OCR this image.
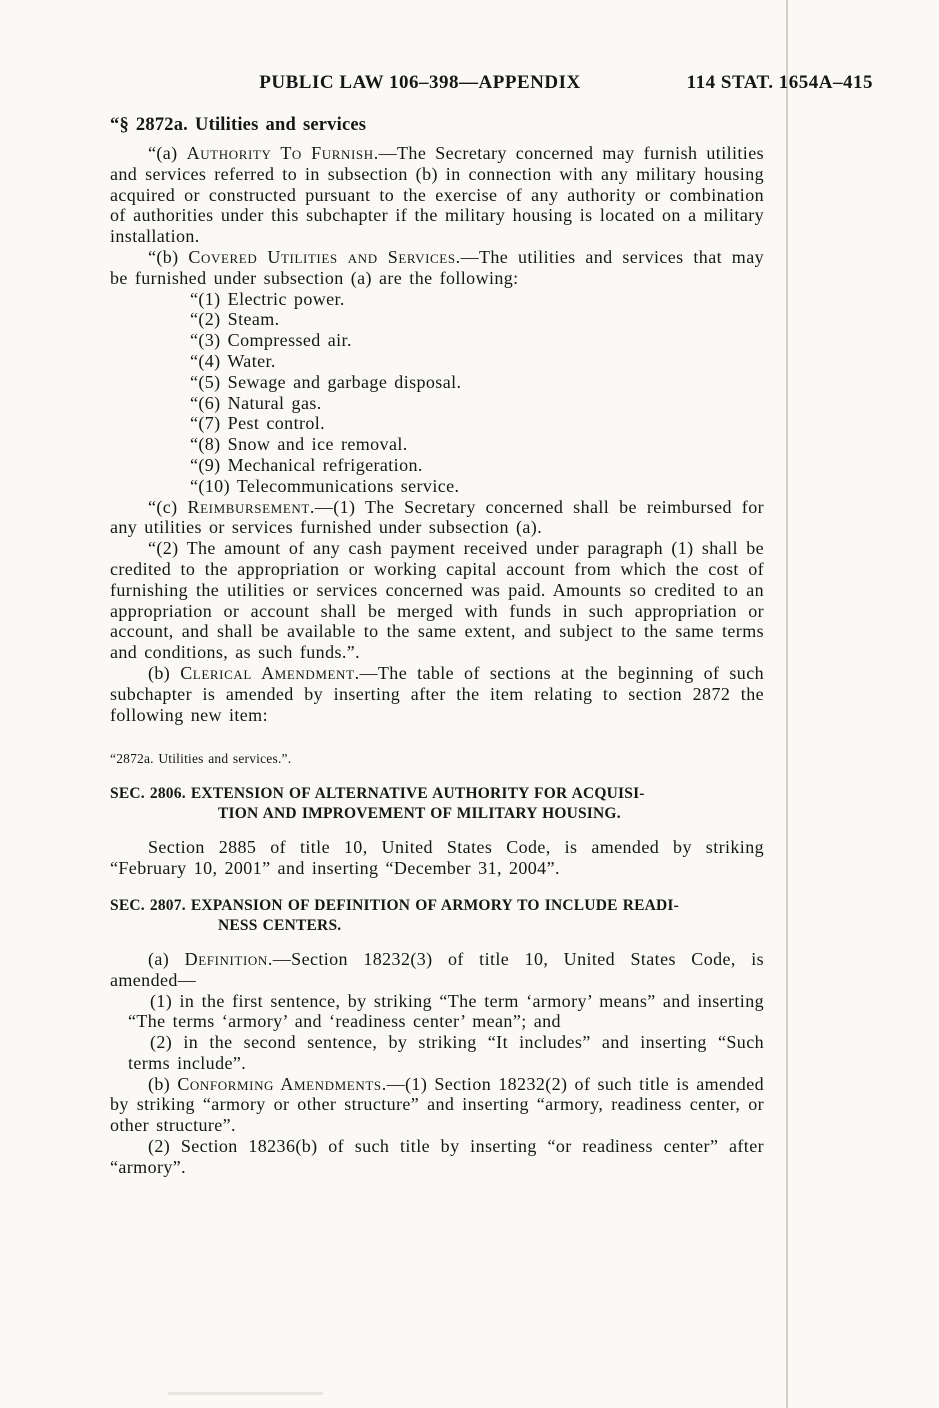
PUBLIC LAW 106–398—APPENDIX	114 STAT. 1654A–415
“§ 2872a. Utilities and services

“(a) Authority To Furnish.—The Secretary concerned may furnish utilities and services referred to in subsection (b) in connection with any military housing acquired or constructed pursuant to the exercise of any authority or combination of authorities under this subchapter if the military housing is located on a military installation.

“(b) Covered Utilities and Services.—The utilities and services that may be furnished under subsection (a) are the following:

“(1) Electric power.

“(2) Steam.

“(3) Compressed air.

“(4) Water.

“(5) Sewage and garbage disposal.

“(6) Natural gas.

“(7) Pest control.

“(8) Snow and ice removal.

“(9) Mechanical refrigeration.

“(10) Telecommunications service.

“(c) Reimbursement.—(1) The Secretary concerned shall be reimbursed for any utilities or services furnished under subsection (a).

“(2) The amount of any cash payment received under paragraph (1) shall be credited to the appropriation or working capital account from which the cost of furnishing the utilities or services concerned was paid. Amounts so credited to an appropriation or account shall be merged with funds in such appropriation or account, and shall be available to the same extent, and subject to the same terms and conditions, as such funds.”.

(b) Clerical Amendment.—The table of sections at the beginning of such subchapter is amended by inserting after the item relating to section 2872 the following new item:

“2872a. Utilities and services.”.

SEC. 2806. EXTENSION OF ALTERNATIVE AUTHORITY FOR ACQUISI-
TION AND IMPROVEMENT OF MILITARY HOUSING.

Section 2885 of title 10, United States Code, is amended by striking “February 10, 2001” and inserting “December 31, 2004”.

SEC. 2807. EXPANSION OF DEFINITION OF ARMORY TO INCLUDE READI-
NESS CENTERS.

(a) Definition.—Section 18232(3) of title 10, United States Code, is amended—

(1) in the first sentence, by striking “The term ‘armory’ means” and inserting “The terms ‘armory’ and ‘readiness center’ mean”; and

(2) in the second sentence, by striking “It includes” and inserting “Such terms include”.

(b) Conforming Amendments.—(1) Section 18232(2) of such title is amended by striking “armory or other structure” and inserting “armory, readiness center, or other structure”.

(2) Section 18236(b) of such title by inserting “or readiness center” after “armory”.
